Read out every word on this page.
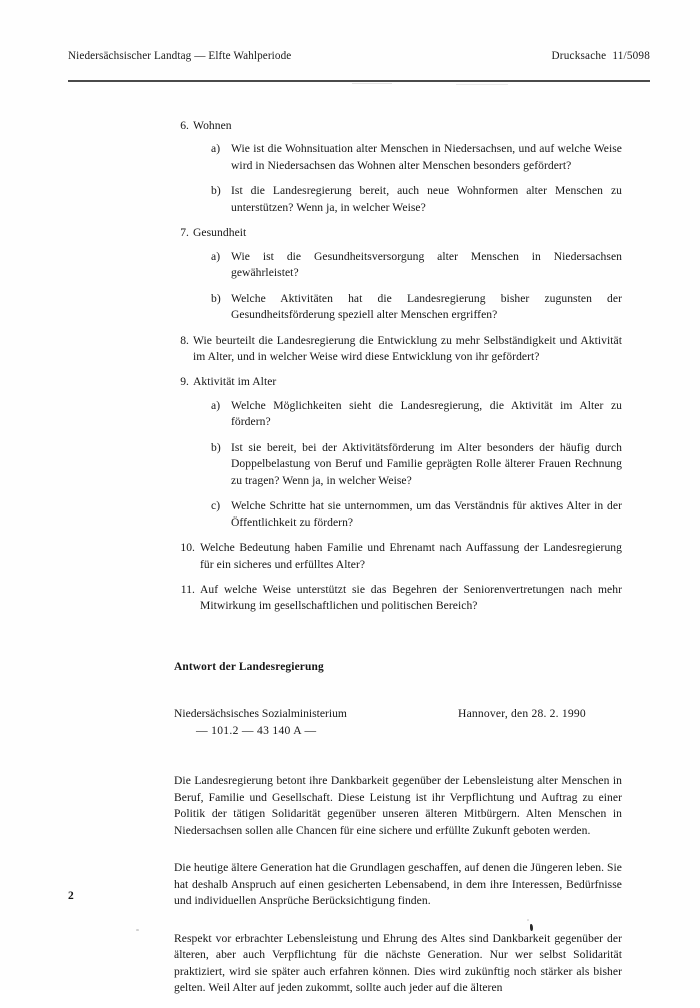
Niedersächsischer Landtag — Elfte Wahlperiode	Drucksache 11/5098
6. Wohnen
a) Wie ist die Wohnsituation alter Menschen in Niedersachsen, und auf welche Weise wird in Niedersachsen das Wohnen alter Menschen besonders gefördert?
b) Ist die Landesregierung bereit, auch neue Wohnformen alter Menschen zu unterstützen? Wenn ja, in welcher Weise?
7. Gesundheit
a) Wie ist die Gesundheitsversorgung alter Menschen in Niedersachsen gewährleistet?
b) Welche Aktivitäten hat die Landesregierung bisher zugunsten der Gesundheitsförderung speziell alter Menschen ergriffen?
8. Wie beurteilt die Landesregierung die Entwicklung zu mehr Selbständigkeit und Aktivität im Alter, und in welcher Weise wird diese Entwicklung von ihr gefördert?
9. Aktivität im Alter
a) Welche Möglichkeiten sieht die Landesregierung, die Aktivität im Alter zu fördern?
b) Ist sie bereit, bei der Aktivitätsförderung im Alter besonders der häufig durch Doppelbelastung von Beruf und Familie geprägten Rolle älterer Frauen Rechnung zu tragen? Wenn ja, in welcher Weise?
c) Welche Schritte hat sie unternommen, um das Verständnis für aktives Alter in der Öffentlichkeit zu fördern?
10. Welche Bedeutung haben Familie und Ehrenamt nach Auffassung der Landesregierung für ein sicheres und erfülltes Alter?
11. Auf welche Weise unterstützt sie das Begehren der Seniorenvertretungen nach mehr Mitwirkung im gesellschaftlichen und politischen Bereich?
Antwort der Landesregierung
Niedersächsisches Sozialministerium
— 101.2 — 43 140 A —
Hannover, den 28. 2. 1990

Die Landesregierung betont ihre Dankbarkeit gegenüber der Lebensleistung alter Menschen in Beruf, Familie und Gesellschaft. Diese Leistung ist ihr Verpflichtung und Auftrag zu einer Politik der tätigen Solidarität gegenüber unseren älteren Mitbürgern. Alten Menschen in Niedersachsen sollen alle Chancen für eine sichere und erfüllte Zukunft geboten werden.

Die heutige ältere Generation hat die Grundlagen geschaffen, auf denen die Jüngeren leben. Sie hat deshalb Anspruch auf einen gesicherten Lebensabend, in dem ihre Interessen, Bedürfnisse und individuellen Ansprüche Berücksichtigung finden.

Respekt vor erbrachter Lebensleistung und Ehrung des Altes sind Dankbarkeit gegenüber der älteren, aber auch Verpflichtung für die nächste Generation. Nur wer selbst Solidarität praktiziert, wird sie später auch erfahren können. Dies wird zukünftig noch stärker als bisher gelten. Weil Alter auf jeden zukommt, sollte auch jeder auf die älteren

2
